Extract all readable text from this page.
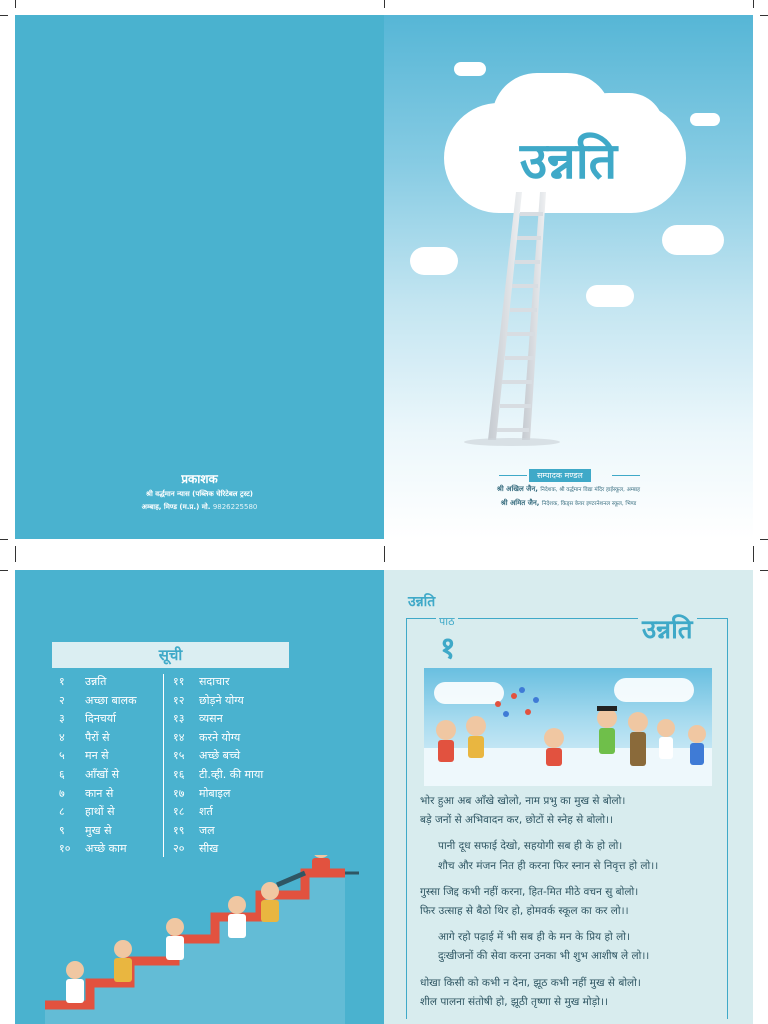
प्रकाशक
श्री वर्द्धमान न्यास (पब्लिक चेरिटेबल ट्रस्ट)
अम्बाह, मिण्ड (म.प्र.) मो. 9826225580
उन्नति
सम्पादक मण्डल
श्री अखिल जैन, निदेशक, श्री वर्द्धमान विद्या मंदिर हाईस्कूल, अम्बाह
श्री अमित जैन, निदेशक, किड्स केयर इण्टरनेशनल स्कूल, भिण्ड
सूची
१	उन्नति
२	अच्छा बालक
३	दिनचर्या
४	पैरों से
५	मन से
६	आँखों से
७	कान से
८	हाथों से
९	मुख से
१०	अच्छे काम
११	सदाचार
१२	छोड़ने योग्य
१३	व्यसन
१४	करने योग्य
१५	अच्छे बच्चे
१६	टी.व्ही. की माया
१७	मोबाइल
१८	शर्त
१९	जल
२०	सीख
उन्नति
पाठ
१
उन्नति
भोर हुआ अब आँखे खोलो, नाम प्रभु का मुख से बोलो।
बड़े जनों से अभिवादन कर, छोटों से स्नेह से बोलो।।
पानी दूध सफाई देखो, सहयोगी सब ही के हो लो।
शौच और मंजन नित ही करना फिर स्नान से निवृत्त हो लो।।
गुस्सा जिद्द कभी नहीं करना, हित-मित मीठे वचन सु बोलो।
फिर उत्साह से बैठो थिर हो, होमवर्क स्कूल का कर लो।।
आगे रहो पढ़ाई में भी सब ही के मन के प्रिय हो लो।
दुःखीजनों की सेवा करना उनका भी शुभ आशीष ले लो।।
धोखा किसी को कभी न देना, झूठ कभी नहीं मुख से बोलो।
शील पालना संतोषी हो, झूठी तृष्णा से मुख मोड़ो।।
